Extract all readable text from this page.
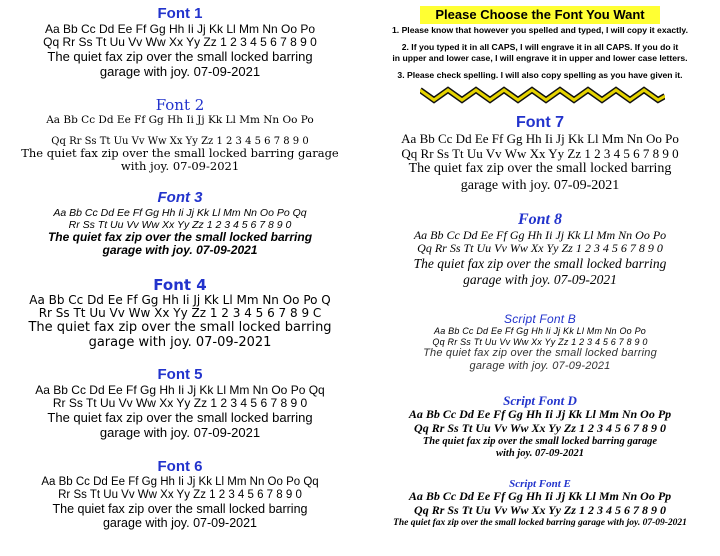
Font 1
Aa Bb Cc Dd Ee Ff Gg Hh Ii Jj Kk Ll Mm Nn Oo Po
Qq Rr Ss Tt Uu Vv Ww Xx Yy Zz 1 2 3 4 5 6 7 8 9 0
The quiet fax zip over the small locked barring
garage with joy. 07-09-2021
Font 2
Aa Bb Cc Dd Ee Ff Gg Hh Ii Jj Kk Ll Mm Nn Oo Po
Qq Rr Ss Tt Uu Vv Ww Xx Yy Zz 1 2 3 4 5 6 7 8 9 0
The quiet fax zip over the small locked barring garage
with joy. 07-09-2021
Font 3
Aa Bb Cc Dd Ee Ff Gg Hh Ii Jj Kk Ll Mm Nn Oo Po Qq
Rr Ss Tt Uu Vv Ww Xx Yy Zz 1 2 3 4 5 6 7 8 9 0
The quiet fax zip over the small locked barring
garage with joy. 07-09-2021
Font 4
Aa Bb Cc Dd Ee Ff Gg Hh Ii Jj Kk Ll Mm Nn Oo Po Q
Rr Ss Tt Uu Vv Ww Xx Yy Zz 1 2 3 4 5 6 7 8 9 C
The quiet fax zip over the small locked barring
garage with joy. 07-09-2021
Font 5
Aa Bb Cc Dd Ee Ff Gg Hh Ii Jj Kk Ll Mm Nn Oo Po Qq
Rr Ss Tt Uu Vv Ww Xx Yy Zz 1 2 3 4 5 6 7 8 9 0
The quiet fax zip over the small locked barring
garage with joy. 07-09-2021
Font 6
Aa Bb Cc Dd Ee Ff Gg Hh Ii Jj Kk Ll Mm Nn Oo Po Qq
Rr Ss Tt Uu Vv Ww Xx Yy Zz 1 2 3 4 5 6 7 8 9 0
The quiet fax zip over the small locked barring
garage with joy. 07-09-2021
Please Choose the Font You Want
1. Please know that however you spelled and typed, I will copy it exactly.
2. If you typed it in all CAPS, I will engrave it in all CAPS. If you do it
in upper and lower case, I will engrave it in upper and lower case letters.
3. Please check spelling. I will also copy spelling as you have given it.
Font 7
Aa Bb Cc Dd Ee Ff Gg Hh Ii Jj Kk Ll Mm Nn Oo Po
Qq Rr Ss Tt Uu Vv Ww Xx Yy Zz 1 2 3 4 5 6 7 8 9 0
The quiet fax zip over the small locked barring
garage with joy. 07-09-2021
Font 8
Aa Bb Cc Dd Ee Ff Gg Hh Ii Jj Kk Ll Mm Nn Oo Po
Qq Rr Ss Tt Uu Vv Ww Xx Yy Zz 1 2 3 4 5 6 7 8 9 0
The quiet fax zip over the small locked barring
garage with joy. 07-09-2021
Script Font B
Aa Bb Cc Dd Ee Ff Gg Hh Ii Jj Kk Ll Mm Nn Oo Po
Qq Rr Ss Tt Uu Vv Ww Xx Yy Zz 1 2 3 4 5 6 7 8 9 0
The quiet fax zip over the small locked barring
garage with joy. 07-09-2021
Script Font D
Aa Bb Cc Dd Ee Ff Gg Hh Ii Jj Kk Ll Mm Nn Oo Pp
Qq Rr Ss Tt Uu Vv Ww Xx Yy Zz 1 2 3 4 5 6 7 8 9 0
The quiet fax zip over the small locked barring garage
with joy. 07-09-2021
Script Font E
Aa Bb Cc Dd Ee Ff Gg Hh Ii Jj Kk Ll Mm Nn Oo Pp
Qq Rr Ss Tt Uu Vv Ww Xx Yy Zz 1 2 3 4 5 6 7 8 9 0
The quiet fax zip over the small locked barring garage with joy. 07-09-2021
